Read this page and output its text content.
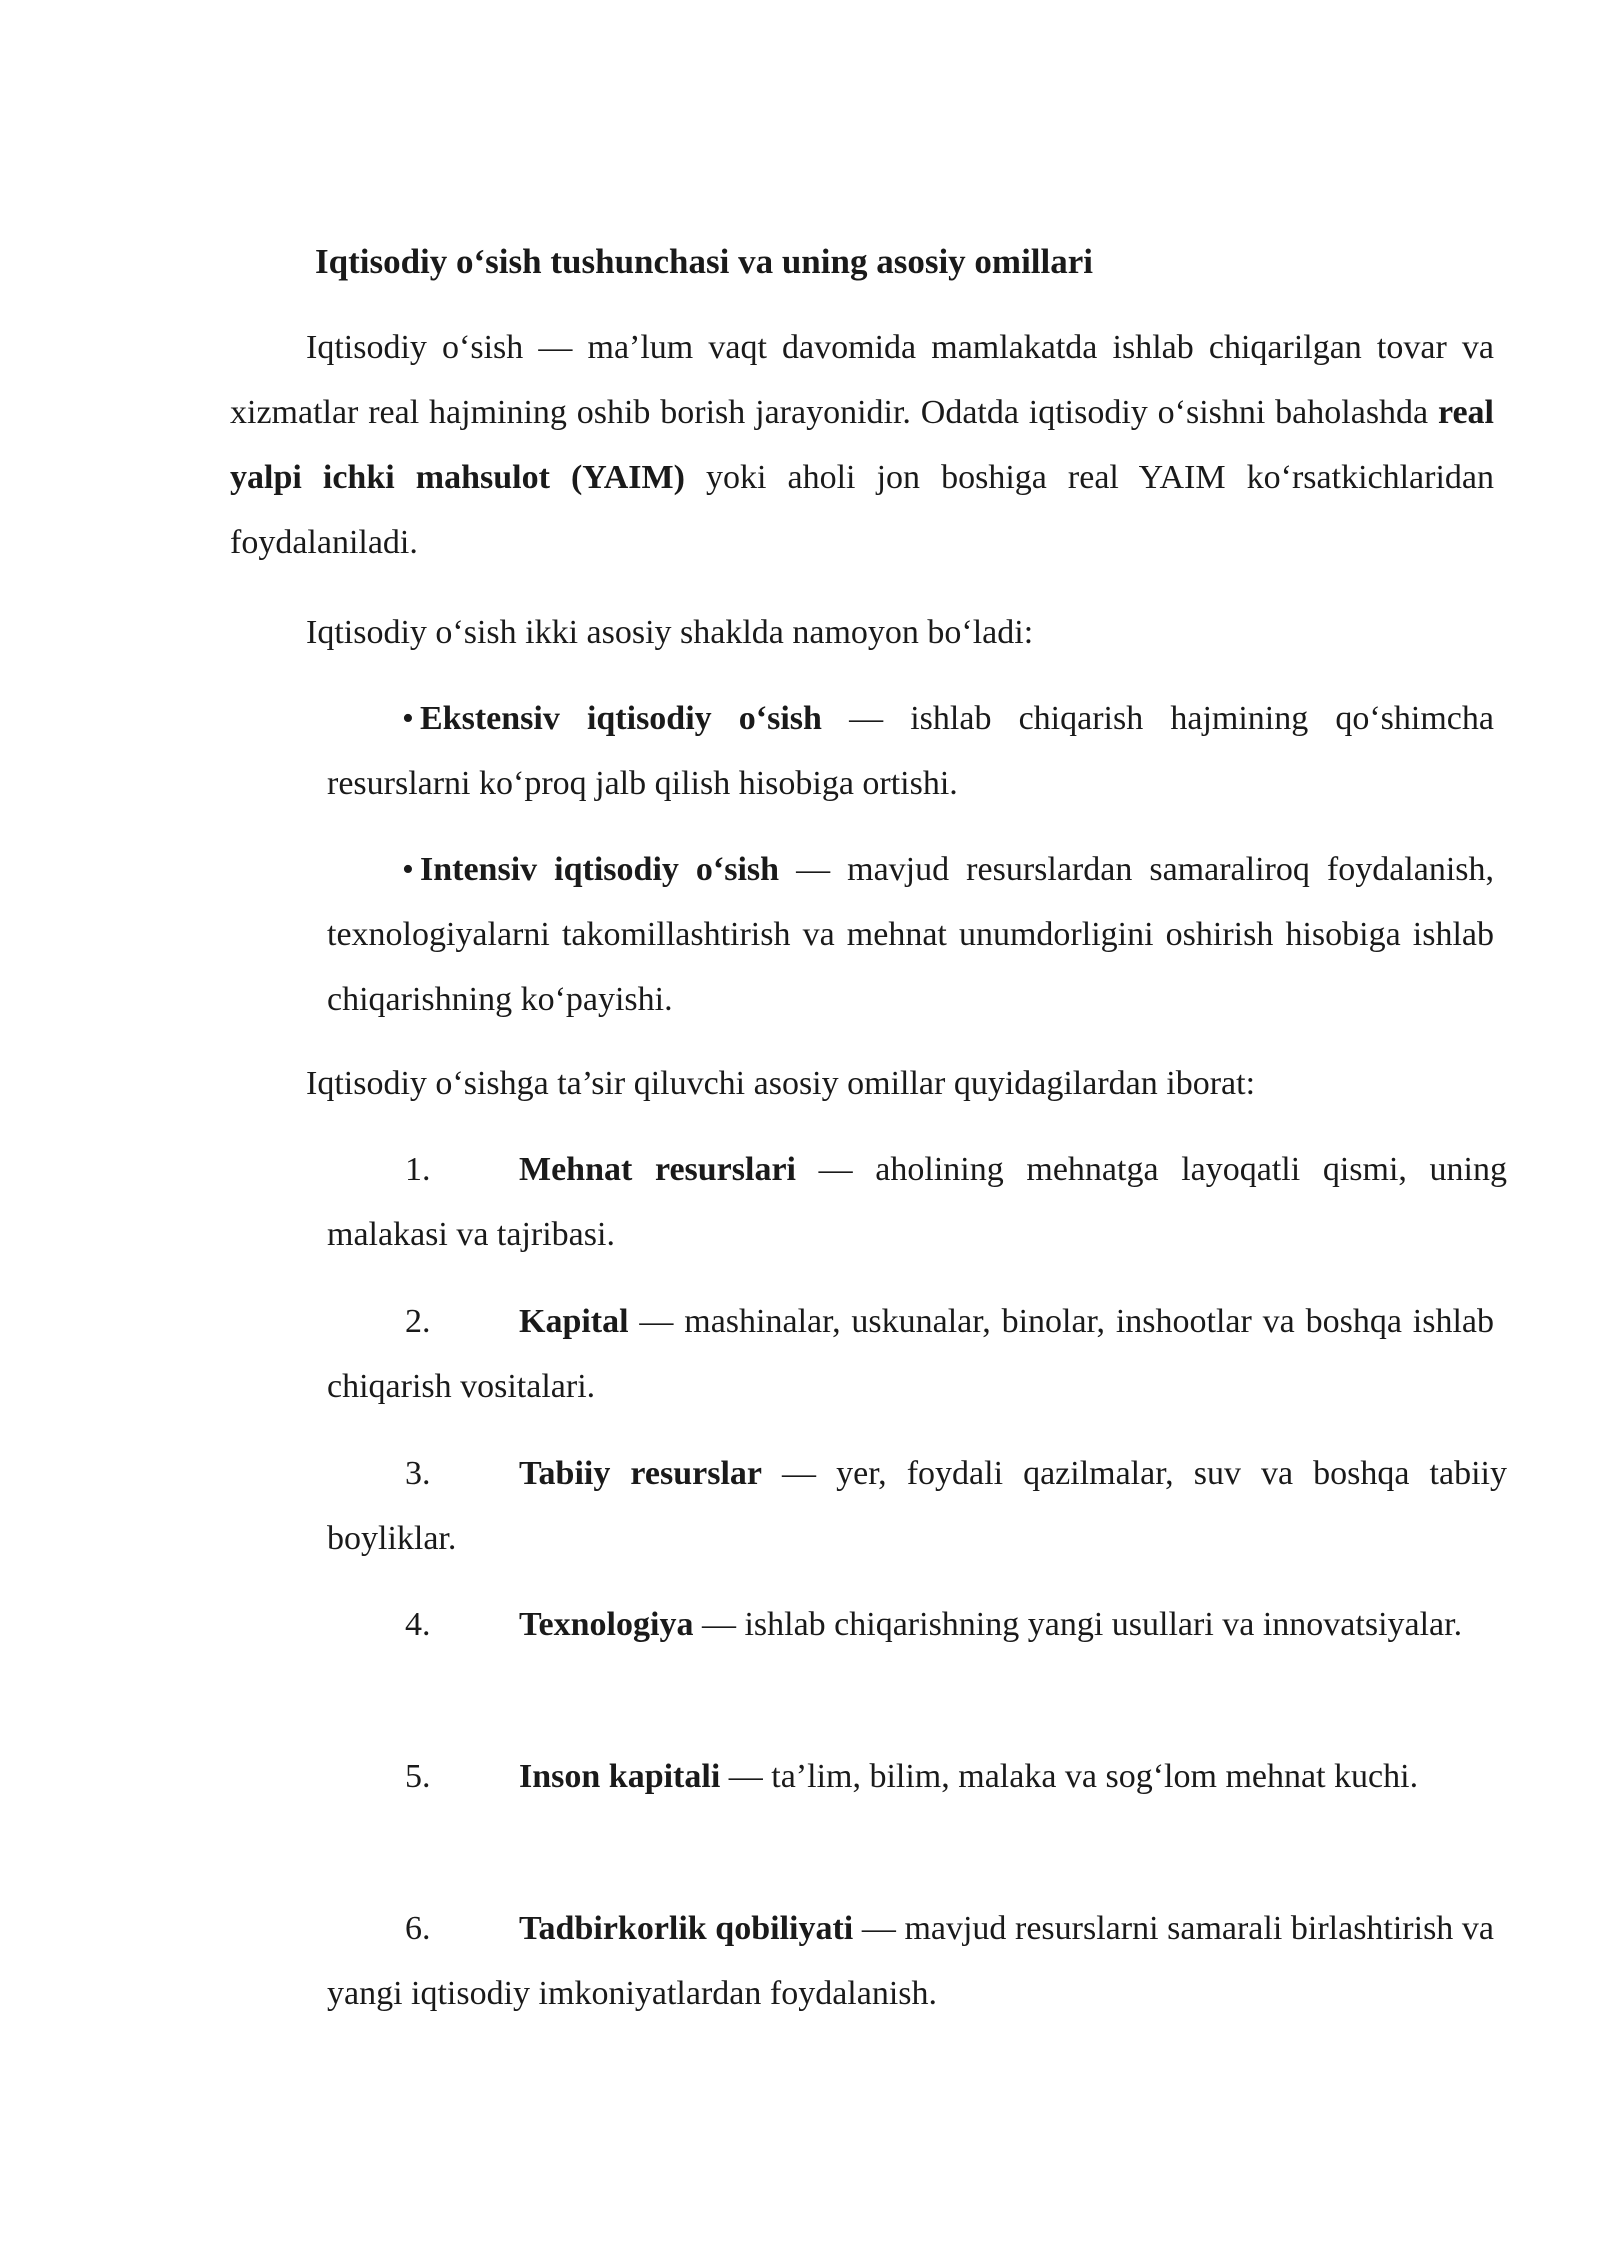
Iqtisodiy o‘sish tushunchasi va uning asosiy omillari

Iqtisodiy o‘sish — ma’lum vaqt davomida mamlakatda ishlab chiqarilgan tovar va xizmatlar real hajmining oshib borish jarayonidir. Odatda iqtisodiy o‘sishni baholashda real yalpi ichki mahsulot (YAIM) yoki aholi jon boshiga real YAIM ko‘rsatkichlaridan foydalaniladi.

Iqtisodiy o‘sish ikki asosiy shaklda namoyon bo‘ladi:

• Ekstensiv iqtisodiy o‘sish — ishlab chiqarish hajmining qo‘shimcha resurslarni ko‘proq jalb qilish hisobiga ortishi.

• Intensiv iqtisodiy o‘sish — mavjud resurslardan samaraliroq foydalanish, texnologiyalarni takomillashtirish va mehnat unumdorligini oshirish hisobiga ishlab chiqarishning ko‘payishi.

Iqtisodiy o‘sishga ta’sir qiluvchi asosiy omillar quyidagilardan iborat:

1.	Mehnat resurslari — aholining mehnatga layoqatli qismi, uning malakasi va tajribasi.

2.	Kapital — mashinalar, uskunalar, binolar, inshootlar va boshqa ishlab chiqarish vositalari.

3.	Tabiiy resurslar — yer, foydali qazilmalar, suv va boshqa tabiiy boyliklar.

4.	Texnologiya — ishlab chiqarishning yangi usullari va innovatsiyalar.

5.	Inson kapitali — ta’lim, bilim, malaka va sog‘lom mehnat kuchi.

6.	Tadbirkorlik qobiliyati — mavjud resurslarni samarali birlashtirish va yangi iqtisodiy imkoniyatlardan foydalanish.
